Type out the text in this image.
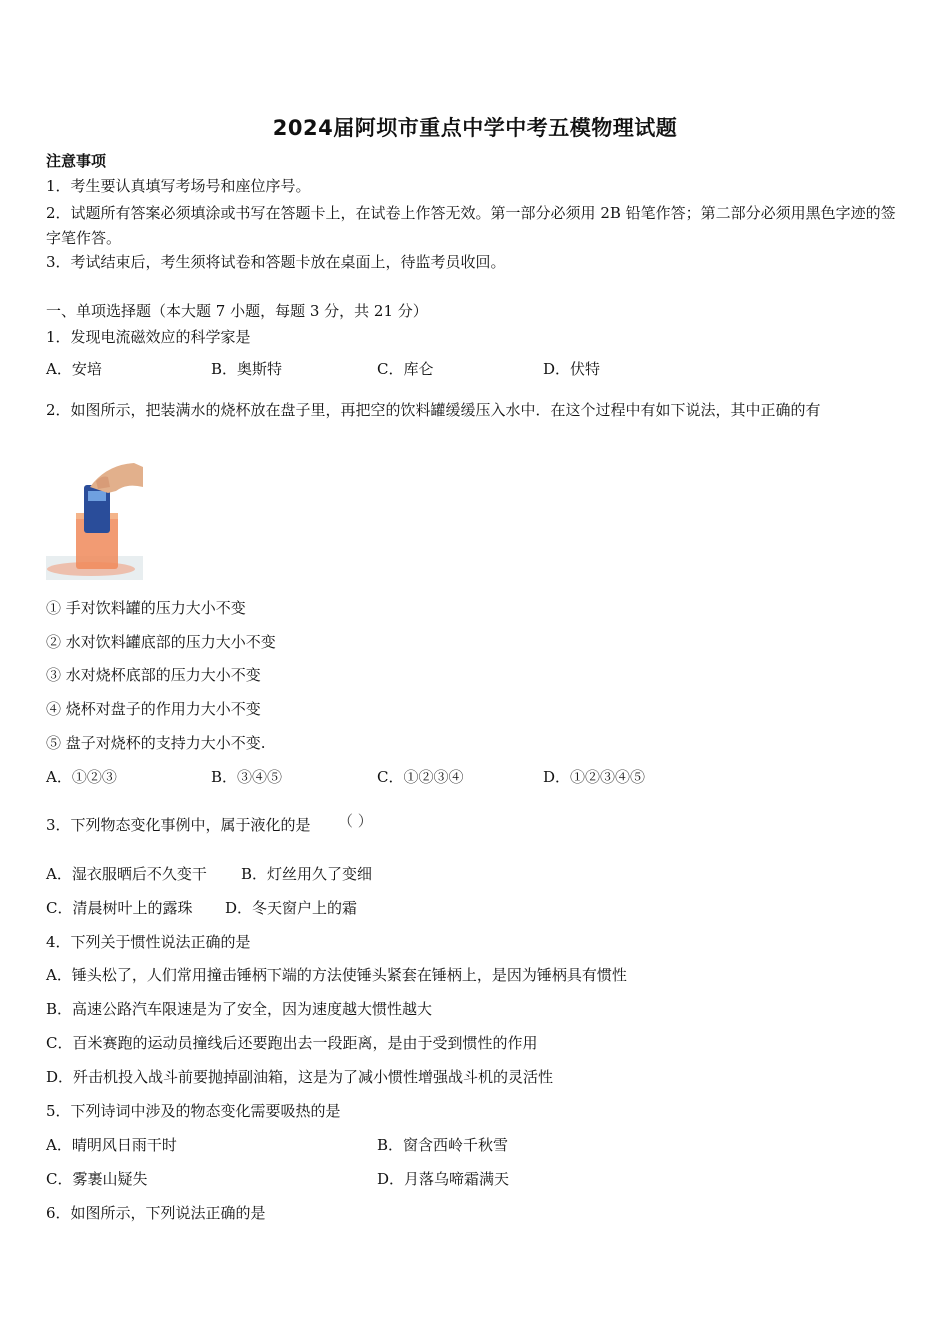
2024届阿坝市重点中学中考五模物理试题
注意事项
1．考生要认真填写考场号和座位序号。
2．试题所有答案必须填涂或书写在答题卡上，在试卷上作答无效。第一部分必须用 2B 铅笔作答；第二部分必须用黑色字迹的签字笔作答。
3．考试结束后，考生须将试卷和答题卡放在桌面上，待监考员收回。
一、单项选择题（本大题 7 小题，每题 3 分，共 21 分）
1．发现电流磁效应的科学家是
A．安培	B．奥斯特	C．库仑	D．伏特
2．如图所示，把装满水的烧杯放在盘子里，再把空的饮料罐缓缓压入水中．在这个过程中有如下说法，其中正确的有
① 手对饮料罐的压力大小不变
② 水对饮料罐底部的压力大小不变
③ 水对烧杯底部的压力大小不变
④ 烧杯对盘子的作用力大小不变
⑤ 盘子对烧杯的支持力大小不变.
A．①②③	B．③④⑤	C．①②③④	D．①②③④⑤
3．下列物态变化事例中，属于液化的是 （ ）
A．湿衣服晒后不久变干 B．灯丝用久了变细
C．清晨树叶上的露珠 D．冬天窗户上的霜
4．下列关于惯性说法正确的是
A．锤头松了，人们常用撞击锤柄下端的方法使锤头紧套在锤柄上，是因为锤柄具有惯性
B．高速公路汽车限速是为了安全，因为速度越大惯性越大
C．百米赛跑的运动员撞线后还要跑出去一段距离，是由于受到惯性的作用
D．歼击机投入战斗前要抛掉副油箱，这是为了减小惯性增强战斗机的灵活性
5．下列诗词中涉及的物态变化需要吸热的是
A．晴明风日雨干时	B．窗含西岭千秋雪
C．雾裹山疑失	D．月落乌啼霜满天
6．如图所示，下列说法正确的是
